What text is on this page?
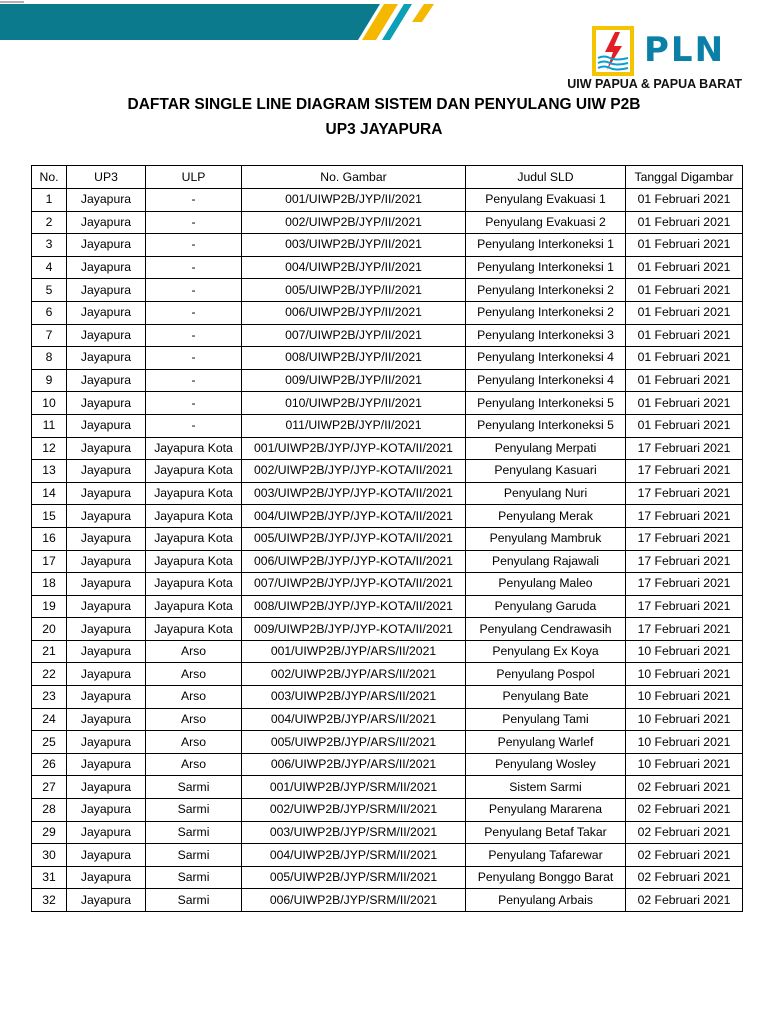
PLN
UIW PAPUA & PAPUA BARAT
DAFTAR SINGLE LINE DIAGRAM SISTEM DAN PENYULANG UIW P2B
UP3 JAYAPURA
No.	UP3	ULP	No. Gambar	Judul SLD	Tanggal Digambar
1	Jayapura	-	001/UIWP2B/JYP/II/2021	Penyulang Evakuasi 1	01 Februari 2021
2	Jayapura	-	002/UIWP2B/JYP/II/2021	Penyulang Evakuasi 2	01 Februari 2021
3	Jayapura	-	003/UIWP2B/JYP/II/2021	Penyulang Interkoneksi 1	01 Februari 2021
4	Jayapura	-	004/UIWP2B/JYP/II/2021	Penyulang Interkoneksi 1	01 Februari 2021
5	Jayapura	-	005/UIWP2B/JYP/II/2021	Penyulang Interkoneksi 2	01 Februari 2021
6	Jayapura	-	006/UIWP2B/JYP/II/2021	Penyulang Interkoneksi 2	01 Februari 2021
7	Jayapura	-	007/UIWP2B/JYP/II/2021	Penyulang Interkoneksi 3	01 Februari 2021
8	Jayapura	-	008/UIWP2B/JYP/II/2021	Penyulang Interkoneksi 4	01 Februari 2021
9	Jayapura	-	009/UIWP2B/JYP/II/2021	Penyulang Interkoneksi 4	01 Februari 2021
10	Jayapura	-	010/UIWP2B/JYP/II/2021	Penyulang Interkoneksi 5	01 Februari 2021
11	Jayapura	-	011/UIWP2B/JYP/II/2021	Penyulang Interkoneksi 5	01 Februari 2021
12	Jayapura	Jayapura Kota	001/UIWP2B/JYP/JYP-KOTA/II/2021	Penyulang Merpati	17 Februari 2021
13	Jayapura	Jayapura Kota	002/UIWP2B/JYP/JYP-KOTA/II/2021	Penyulang Kasuari	17 Februari 2021
14	Jayapura	Jayapura Kota	003/UIWP2B/JYP/JYP-KOTA/II/2021	Penyulang Nuri	17 Februari 2021
15	Jayapura	Jayapura Kota	004/UIWP2B/JYP/JYP-KOTA/II/2021	Penyulang Merak	17 Februari 2021
16	Jayapura	Jayapura Kota	005/UIWP2B/JYP/JYP-KOTA/II/2021	Penyulang Mambruk	17 Februari 2021
17	Jayapura	Jayapura Kota	006/UIWP2B/JYP/JYP-KOTA/II/2021	Penyulang Rajawali	17 Februari 2021
18	Jayapura	Jayapura Kota	007/UIWP2B/JYP/JYP-KOTA/II/2021	Penyulang Maleo	17 Februari 2021
19	Jayapura	Jayapura Kota	008/UIWP2B/JYP/JYP-KOTA/II/2021	Penyulang Garuda	17 Februari 2021
20	Jayapura	Jayapura Kota	009/UIWP2B/JYP/JYP-KOTA/II/2021	Penyulang Cendrawasih	17 Februari 2021
21	Jayapura	Arso	001/UIWP2B/JYP/ARS/II/2021	Penyulang Ex Koya	10 Februari 2021
22	Jayapura	Arso	002/UIWP2B/JYP/ARS/II/2021	Penyulang Pospol	10 Februari 2021
23	Jayapura	Arso	003/UIWP2B/JYP/ARS/II/2021	Penyulang Bate	10 Februari 2021
24	Jayapura	Arso	004/UIWP2B/JYP/ARS/II/2021	Penyulang Tami	10 Februari 2021
25	Jayapura	Arso	005/UIWP2B/JYP/ARS/II/2021	Penyulang Warlef	10 Februari 2021
26	Jayapura	Arso	006/UIWP2B/JYP/ARS/II/2021	Penyulang Wosley	10 Februari 2021
27	Jayapura	Sarmi	001/UIWP2B/JYP/SRM/II/2021	Sistem Sarmi	02 Februari 2021
28	Jayapura	Sarmi	002/UIWP2B/JYP/SRM/II/2021	Penyulang Mararena	02 Februari 2021
29	Jayapura	Sarmi	003/UIWP2B/JYP/SRM/II/2021	Penyulang Betaf Takar	02 Februari 2021
30	Jayapura	Sarmi	004/UIWP2B/JYP/SRM/II/2021	Penyulang Tafarewar	02 Februari 2021
31	Jayapura	Sarmi	005/UIWP2B/JYP/SRM/II/2021	Penyulang Bonggo Barat	02 Februari 2021
32	Jayapura	Sarmi	006/UIWP2B/JYP/SRM/II/2021	Penyulang Arbais	02 Februari 2021
